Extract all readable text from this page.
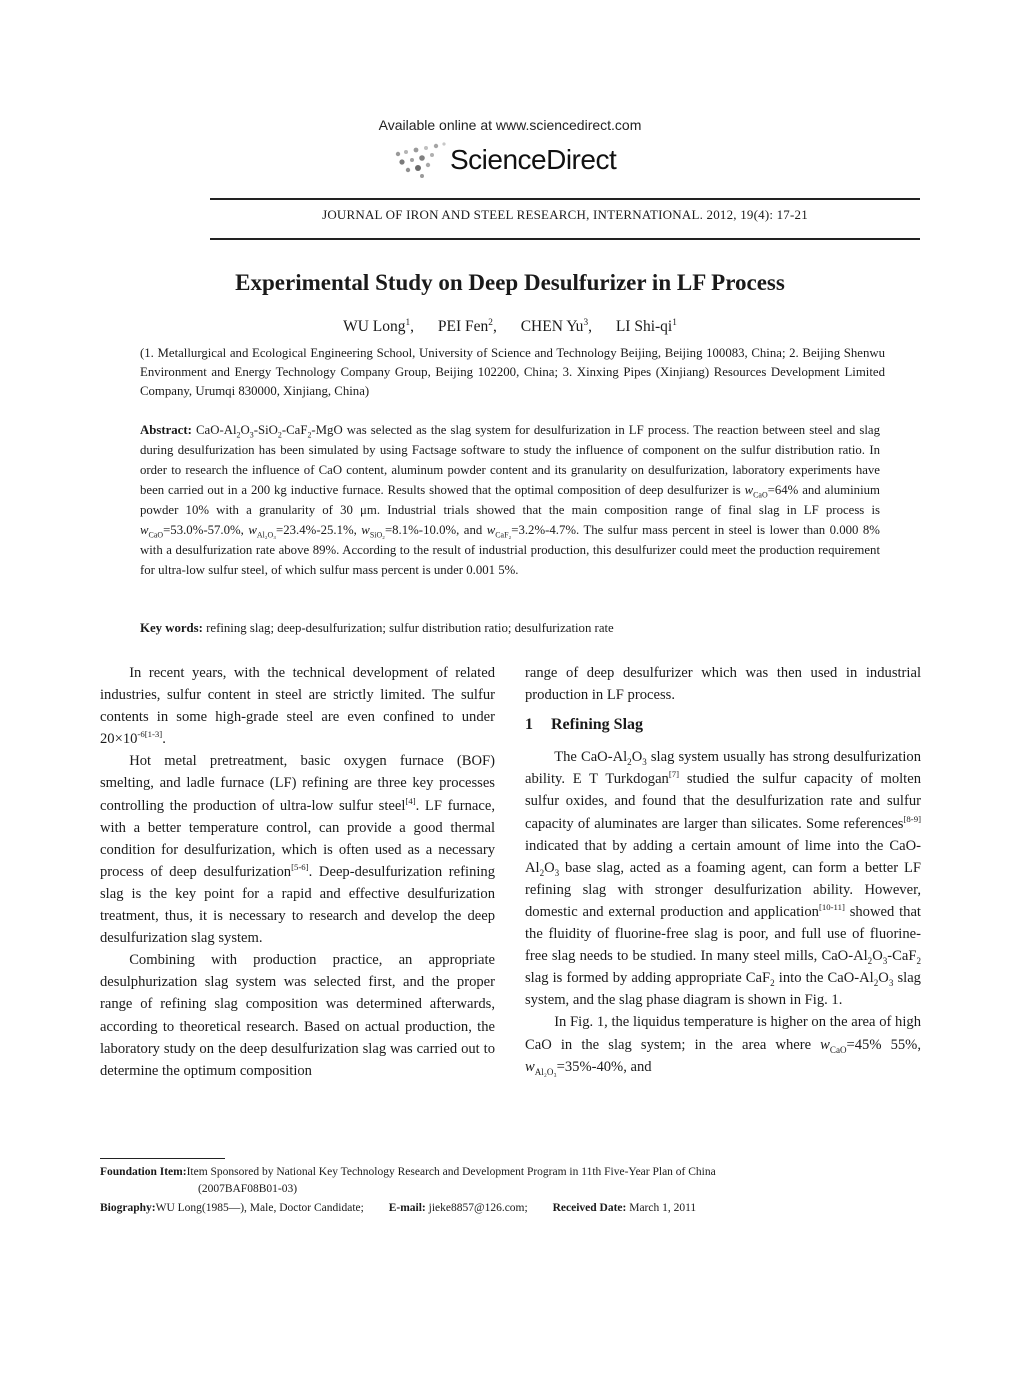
Available online at www.sciencedirect.com
ScienceDirect
JOURNAL OF IRON AND STEEL RESEARCH, INTERNATIONAL. 2012, 19(4): 17-21
Experimental Study on Deep Desulfurizer in LF Process
WU Long$^1$, PEI Fen$^2$, CHEN Yu$^3$, LI Shi-$qi^1$
(1. Metallurgical and Ecological Engineering School, University of Science and Technology Beijing, Beijing 100083, China; 2. Beijing Shenwu Environment and Energy Technology Company Group, Beijing 102200, China; 3. Xinxing Pipes (Xinjiang) Resources Development Limited Company, Urumqi 830000, Xinjiang, China)
Abstract: CaO-$Al_2O_3-SiO_2-CaF_2$-MgO was selected as the slag system for desulfurization in LF process. The reaction between steel and slag during desulfurization has been simulated by using Factsage software to study the influence of component on the sulfur distribution ratio. In order to research the influence of CaO content, aluminum powder content and its granularity on desulfurization, laboratory experiments have been carried out in a 200 kg inductive furnace. Results showed that the optimal composition of deep desulfurizer is $w_{CaO}=64\%$ and aluminium powder 10% with a granularity of 30 μm. Industrial trials showed that the main composition range of final slag in LF process is $w_{CaO}=53.0\%-57.0\%$, $w_{Al_2O_3}=23.4\%-25.1\%$, $w_{SiO_2}=8.1\%-10.0\%$, and $w_{CaF_2}=3.2\%-4.7\%$. The sulfur mass percent in steel is lower than 0.000 8% with a desulfurization rate above 89%. According to the result of industrial production, this desulfurizer could meet the production requirement for ultra-low sulfur steel, of which sulfur mass percent is under 0.001 5%.
Key words: refining slag; deep-desulfurization; sulfur distribution ratio; desulfurization rate

In recent years, with the technical development of related industries, sulfur content in steel are strictly limited. The sulfur contents in some high-grade steel are even confined to under $20\times 10^{-6[1-3]}$.

Hot metal pretreatment, basic oxygen furnace (BOF) smelting, and ladle furnace (LF) refining are three key processes controlling the production of ultra-low sulfur steel[4]. LF furnace, with a better temperature control, can provide a good thermal condition for desulfurization, which is often used as a necessary process of deep desulfurization[5-6]. Deep-desulfurization refining slag is the key point for a rapid and effective desulfurization treatment, thus, it is necessary to research and develop the deep desulfurization slag system.

Combining with production practice, an appropriate desulphurization slag system was selected first, and the proper range of refining slag composition was determined afterwards, according to theoretical research. Based on actual production, the laboratory study on the deep desulfurization slag was carried out to determine the optimum composition

range of deep desulfurizer which was then used in industrial production in LF process.

1 Refining Slag

The CaO-$Al_2O_3$ slag system usually has strong desulfurization ability. E T Turkdogan[7] studied the sulfur capacity of molten sulfur oxides, and found that the desulfurization rate and sulfur capacity of aluminates are larger than silicates. Some references[8-9] indicated that by adding a certain amount of lime into the CaO-$Al_2O_3$ base slag, acted as a foaming agent, can form a better LF refining slag with stronger desulfurization ability. However, domestic and external production and application[10-11] showed that the fluidity of fluorine-free slag is poor, and full use of fluorine-free slag needs to be studied. In many steel mills, CaO-$Al_2O_3-CaF_2$ slag is formed by adding appropriate CaF$_2$ into the CaO-$Al_2O_3$ slag system, and the slag phase diagram is shown in Fig. 1.

In Fig. 1, the liquidus temperature is higher on the area of high CaO in the slag system; in the area where $w_{CaO}=45\%$ 55%, $w_{Al_2O_3}=35\%-40\%$, and

Foundation Item:Item Sponsored by National Key Technology Research and Development Program in 11th Five-Year Plan of China
(2007BAF08B01-03)
Biography:WU Long(1985—), Male, Doctor Candidate; E-mail: jieke8857@126.com; Received Date: March 1, 2011
